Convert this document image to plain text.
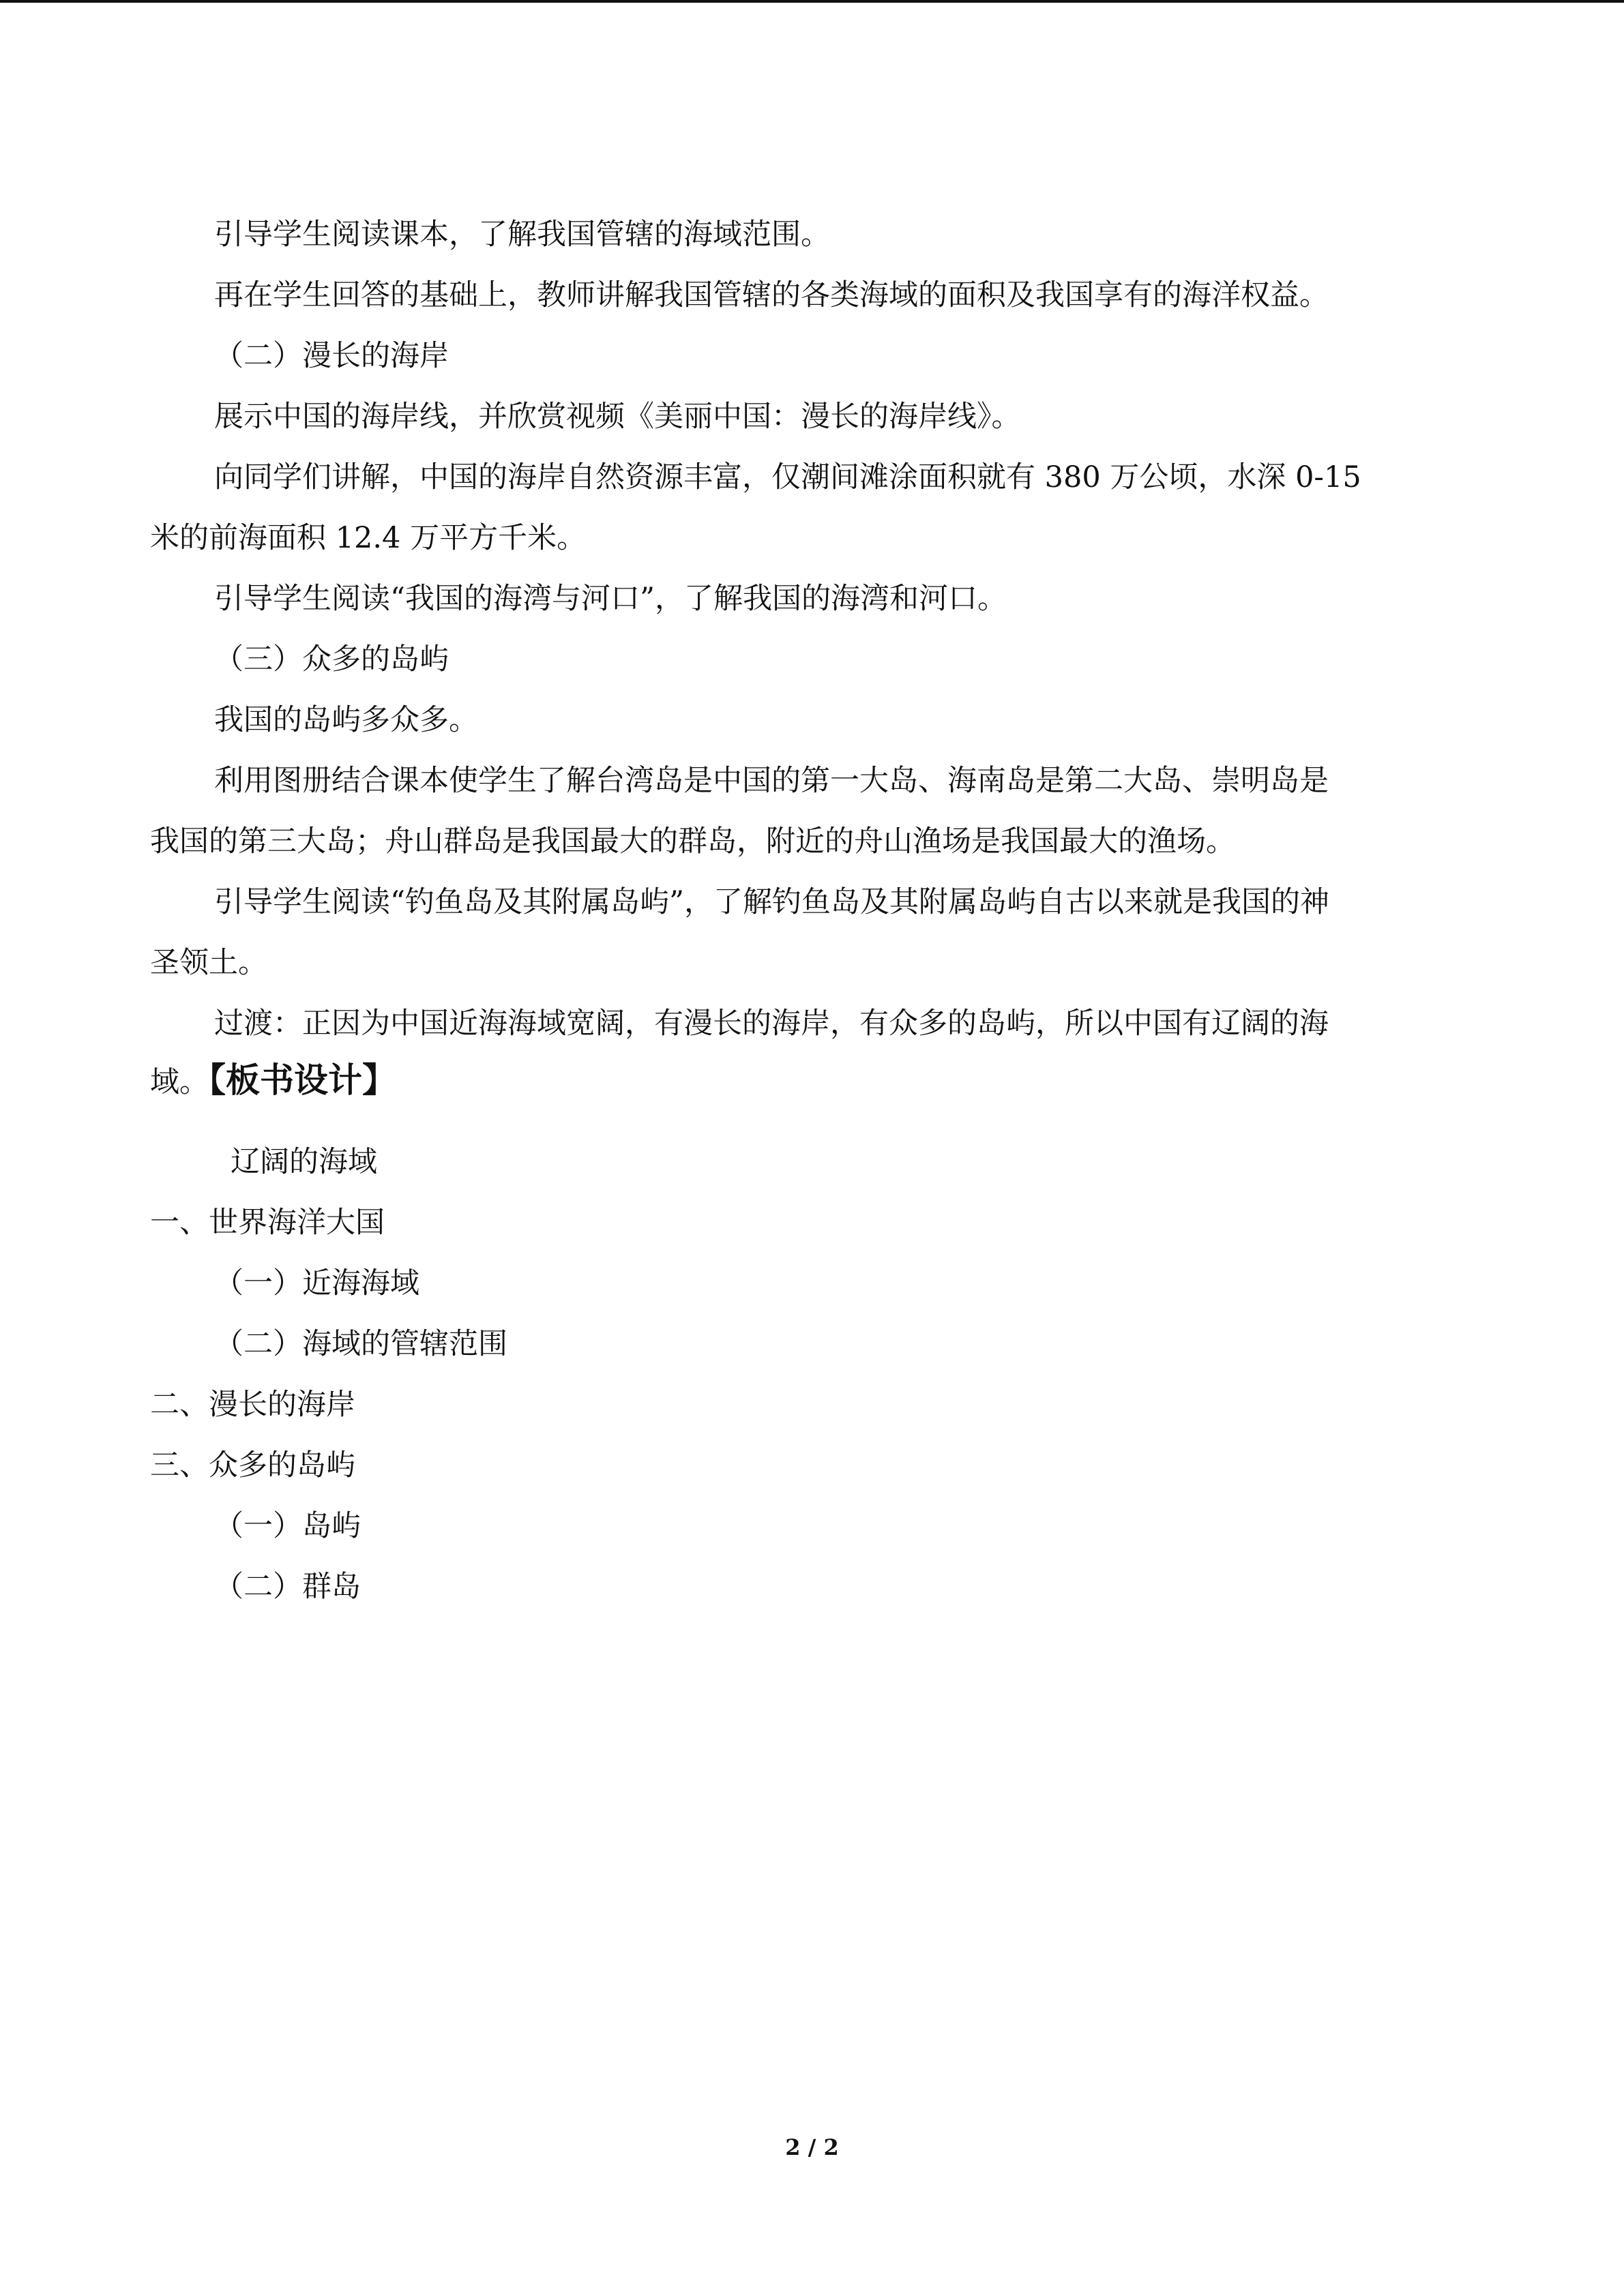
引导学生阅读课本，了解我国管辖的海域范围。
再在学生回答的基础上，教师讲解我国管辖的各类海域的面积及我国享有的海洋权益。
（二）漫长的海岸
展示中国的海岸线，并欣赏视频《美丽中国：漫长的海岸线》。
向同学们讲解，中国的海岸自然资源丰富，仅潮间滩涂面积就有 380 万公顷，水深 0-15
米的前海面积 12.4 万平方千米。
引导学生阅读“我国的海湾与河口”，了解我国的海湾和河口。
（三）众多的岛屿
我国的岛屿多众多。
利用图册结合课本使学生了解台湾岛是中国的第一大岛、海南岛是第二大岛、崇明岛是
我国的第三大岛；舟山群岛是我国最大的群岛，附近的舟山渔场是我国最大的渔场。
引导学生阅读“钓鱼岛及其附属岛屿”，了解钓鱼岛及其附属岛屿自古以来就是我国的神
圣领土。
过渡：正因为中国近海海域宽阔，有漫长的海岸，有众多的岛屿，所以中国有辽阔的海
域。【板书设计】
辽阔的海域
一、世界海洋大国
（一）近海海域
（二）海域的管辖范围
二、漫长的海岸
三、众多的岛屿
（一）岛屿
（二）群岛
2 / 2
